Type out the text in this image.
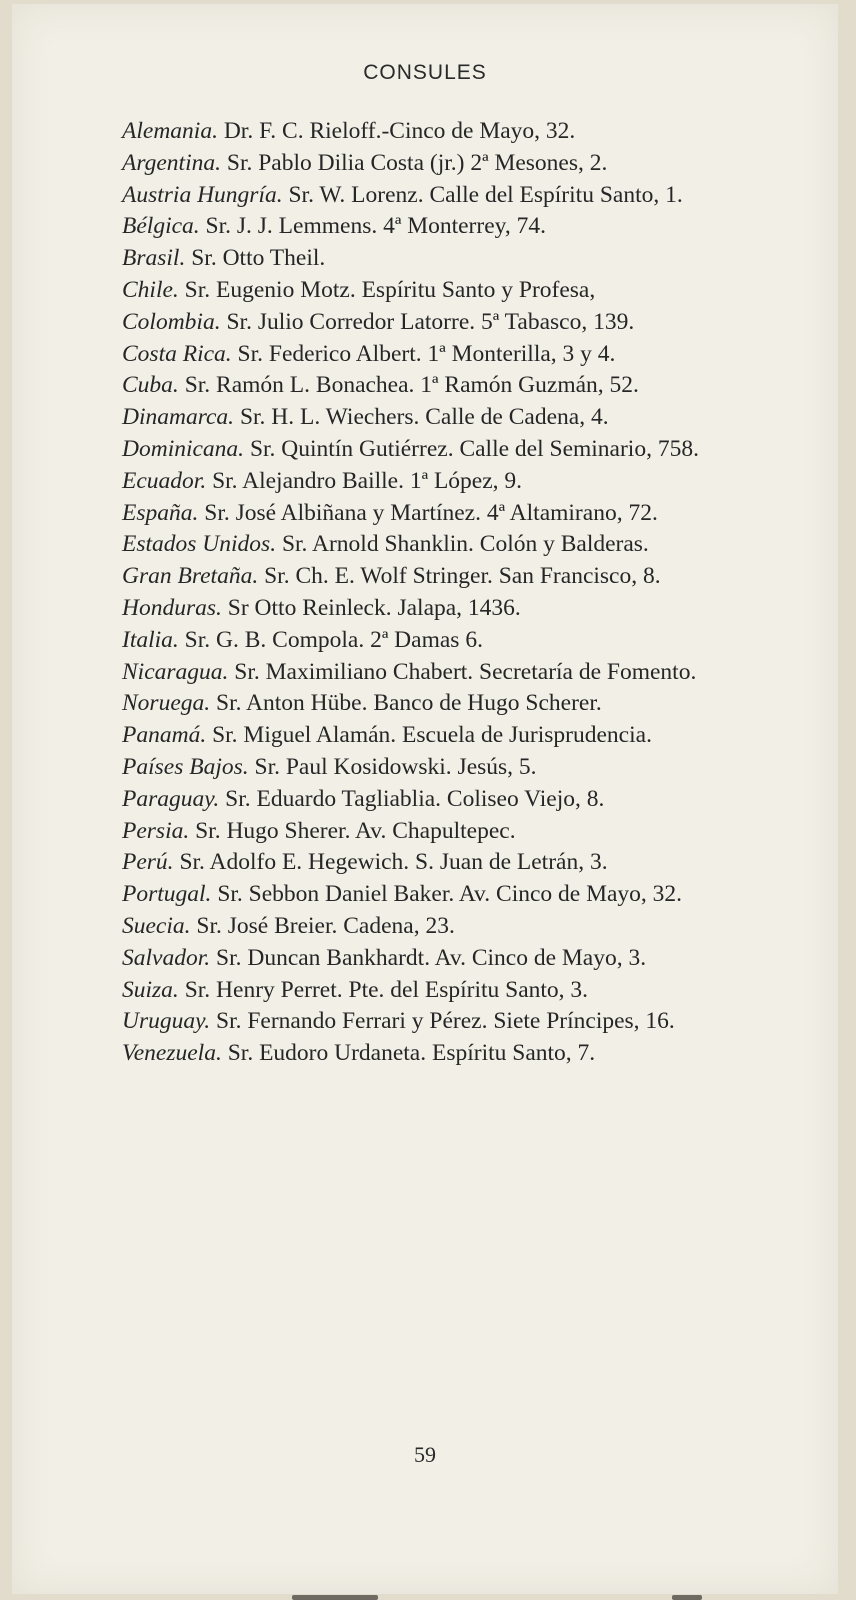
CONSULES

Alemania. Dr. F. C. Rieloff.-Cinco de Mayo, 32.

Argentina. Sr. Pablo Dilia Costa (jr.) 2ª Mesones, 2.

Austria Hungría. Sr. W. Lorenz. Calle del Espíritu Santo, 1.

Bélgica. Sr. J. J. Lemmens. 4ª Monterrey, 74.

Brasil. Sr. Otto Theil.

Chile. Sr. Eugenio Motz. Espíritu Santo y Profesa,

Colombia. Sr. Julio Corredor Latorre. 5ª Tabasco, 139.

Costa Rica. Sr. Federico Albert. 1ª Monterilla, 3 y 4.

Cuba. Sr. Ramón L. Bonachea. 1ª Ramón Guzmán, 52.

Dinamarca. Sr. H. L. Wiechers. Calle de Cadena, 4.

Dominicana. Sr. Quintín Gutiérrez. Calle del Seminario, 758.

Ecuador. Sr. Alejandro Baille. 1ª López, 9.

España. Sr. José Albiñana y Martínez. 4ª Altamirano, 72.

Estados Unidos. Sr. Arnold Shanklin. Colón y Balderas.

Gran Bretaña. Sr. Ch. E. Wolf Stringer. San Francisco, 8.

Honduras. Sr Otto Reinleck. Jalapa, 1436.

Italia. Sr. G. B. Compola. 2ª Damas 6.

Nicaragua. Sr. Maximiliano Chabert. Secretaría de Fomento.

Noruega. Sr. Anton Hübe. Banco de Hugo Scherer.

Panamá. Sr. Miguel Alamán. Escuela de Jurisprudencia.

Países Bajos. Sr. Paul Kosidowski. Jesús, 5.

Paraguay. Sr. Eduardo Tagliablia. Coliseo Viejo, 8.

Persia. Sr. Hugo Sherer. Av. Chapultepec.

Perú. Sr. Adolfo E. Hegewich. S. Juan de Letrán, 3.

Portugal. Sr. Sebbon Daniel Baker. Av. Cinco de Mayo, 32.

Suecia. Sr. José Breier. Cadena, 23.

Salvador. Sr. Duncan Bankhardt. Av. Cinco de Mayo, 3.

Suiza. Sr. Henry Perret. Pte. del Espíritu Santo, 3.

Uruguay. Sr. Fernando Ferrari y Pérez. Siete Príncipes, 16.

Venezuela. Sr. Eudoro Urdaneta. Espíritu Santo, 7.

59
